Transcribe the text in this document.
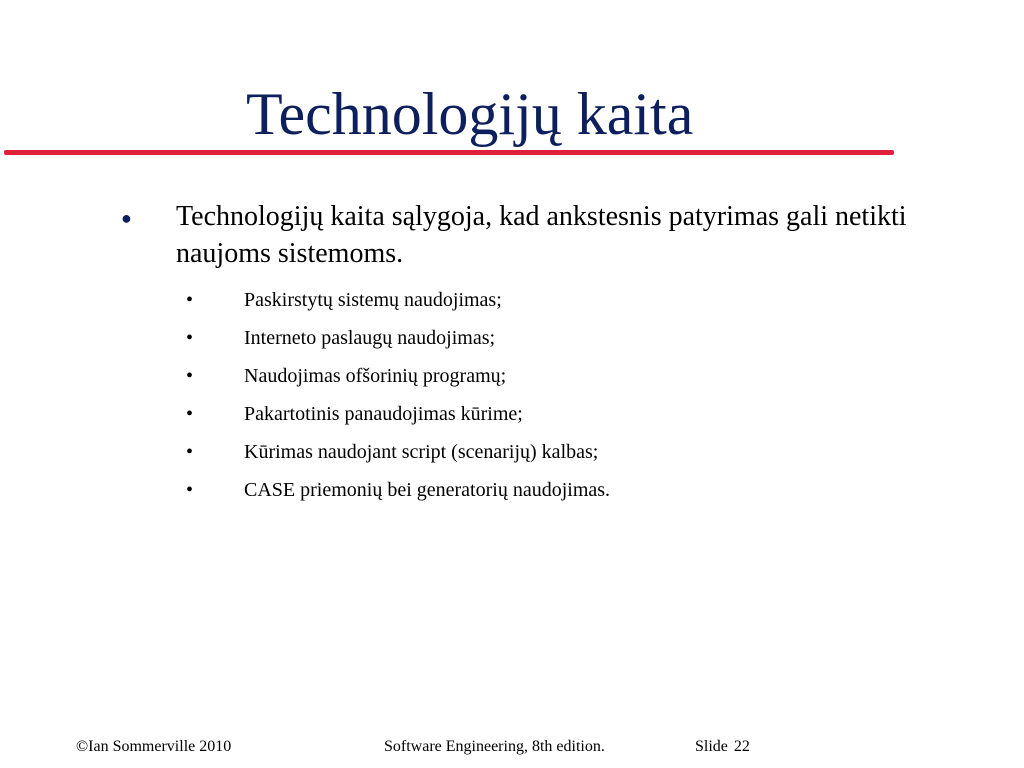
Technologijų kaita
● Technologijų kaita sąlygoja, kad ankstesnis patyrimas gali netikti naujoms sistemoms.
•	Paskirstytų sistemų naudojimas;
•	Interneto paslaugų naudojimas;
•	Naudojimas ofšorinių programų;
•	Pakartotinis panaudojimas kūrime;
•	Kūrimas naudojant script (scenarijų) kalbas;
•	CASE priemonių bei generatorių naudojimas.
©Ian Sommerville 2010	Software Engineering, 8th edition.	Slide 22
